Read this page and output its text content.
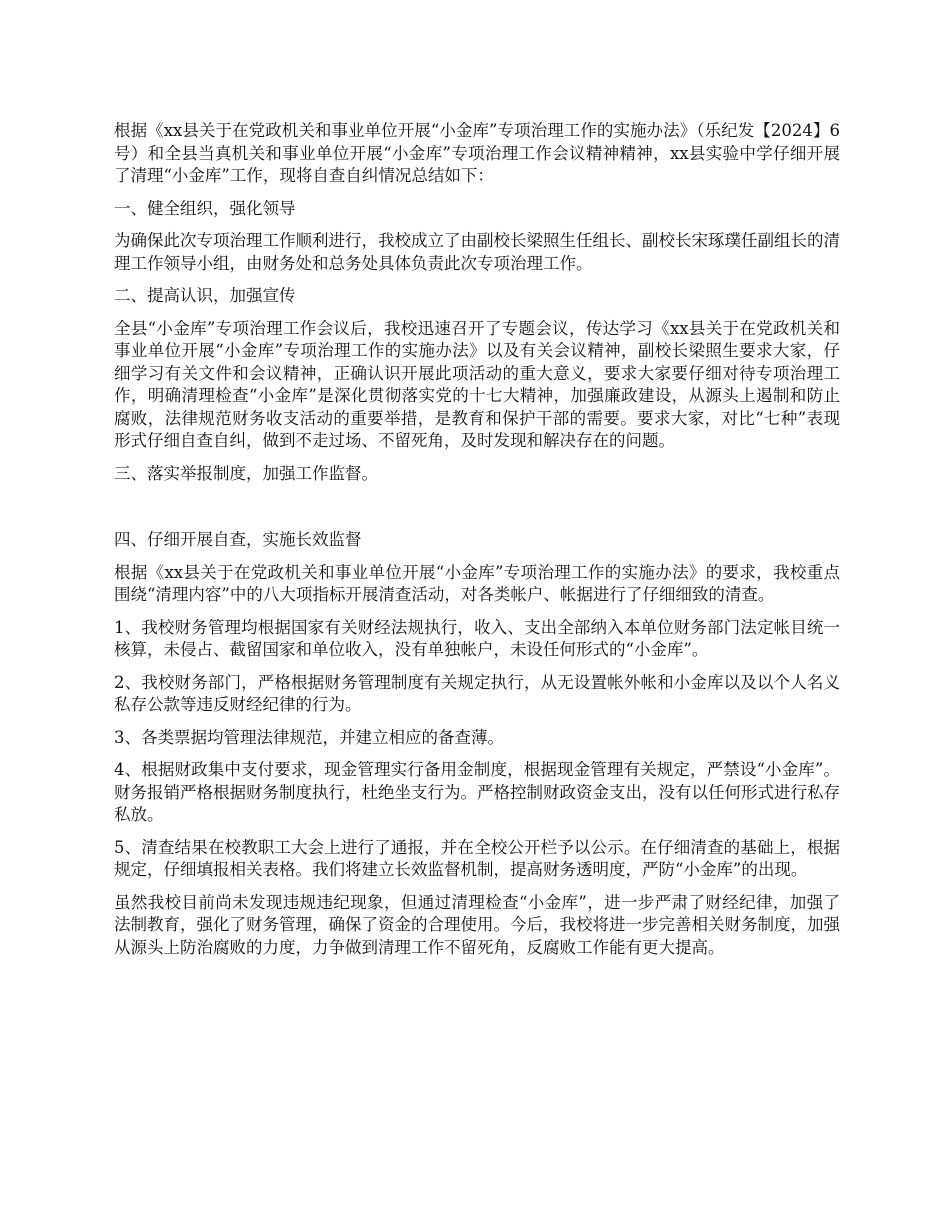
根据《xx县关于在党政机关和事业单位开展“小金库”专项治理工作的实施办法》（乐纪发【2024】6号）和全县当真机关和事业单位开展“小金库”专项治理工作会议精神精神，xx县实验中学仔细开展了清理“小金库”工作，现将自查自纠情况总结如下：

一、健全组织，强化领导

为确保此次专项治理工作顺利进行，我校成立了由副校长梁照生任组长、副校长宋琢璞任副组长的清理工作领导小组，由财务处和总务处具体负责此次专项治理工作。

二、提高认识，加强宣传

全县“小金库”专项治理工作会议后，我校迅速召开了专题会议，传达学习《xx县关于在党政机关和事业单位开展“小金库”专项治理工作的实施办法》以及有关会议精神，副校长梁照生要求大家，仔细学习有关文件和会议精神，正确认识开展此项活动的重大意义，要求大家要仔细对待专项治理工作，明确清理检查“小金库”是深化贯彻落实党的十七大精神，加强廉政建设，从源头上遏制和防止腐败，法律规范财务收支活动的重要举措，是教育和保护干部的需要。要求大家，对比“七种”表现形式仔细自查自纠，做到不走过场、不留死角，及时发现和解决存在的问题。

三、落实举报制度，加强工作监督。

四、仔细开展自查，实施长效监督

根据《xx县关于在党政机关和事业单位开展“小金库”专项治理工作的实施办法》的要求，我校重点围绕“清理内容”中的八大项指标开展清查活动，对各类帐户、帐据进行了仔细细致的清查。

1、我校财务管理均根据国家有关财经法规执行，收入、支出全部纳入本单位财务部门法定帐目统一核算，未侵占、截留国家和单位收入，没有单独帐户，未设任何形式的“小金库”。

2、我校财务部门，严格根据财务管理制度有关规定执行，从无设置帐外帐和小金库以及以个人名义私存公款等违反财经纪律的行为。

3、各类票据均管理法律规范，并建立相应的备查薄。

4、根据财政集中支付要求，现金管理实行备用金制度，根据现金管理有关规定，严禁设“小金库”。财务报销严格根据财务制度执行，杜绝坐支行为。严格控制财政资金支出，没有以任何形式进行私存私放。

5、清查结果在校教职工大会上进行了通报，并在全校公开栏予以公示。在仔细清查的基础上，根据规定，仔细填报相关表格。我们将建立长效监督机制，提高财务透明度，严防“小金库”的出现。

虽然我校目前尚未发现违规违纪现象，但通过清理检查“小金库”，进一步严肃了财经纪律，加强了法制教育，强化了财务管理，确保了资金的合理使用。今后，我校将进一步完善相关财务制度，加强从源头上防治腐败的力度，力争做到清理工作不留死角，反腐败工作能有更大提高。
